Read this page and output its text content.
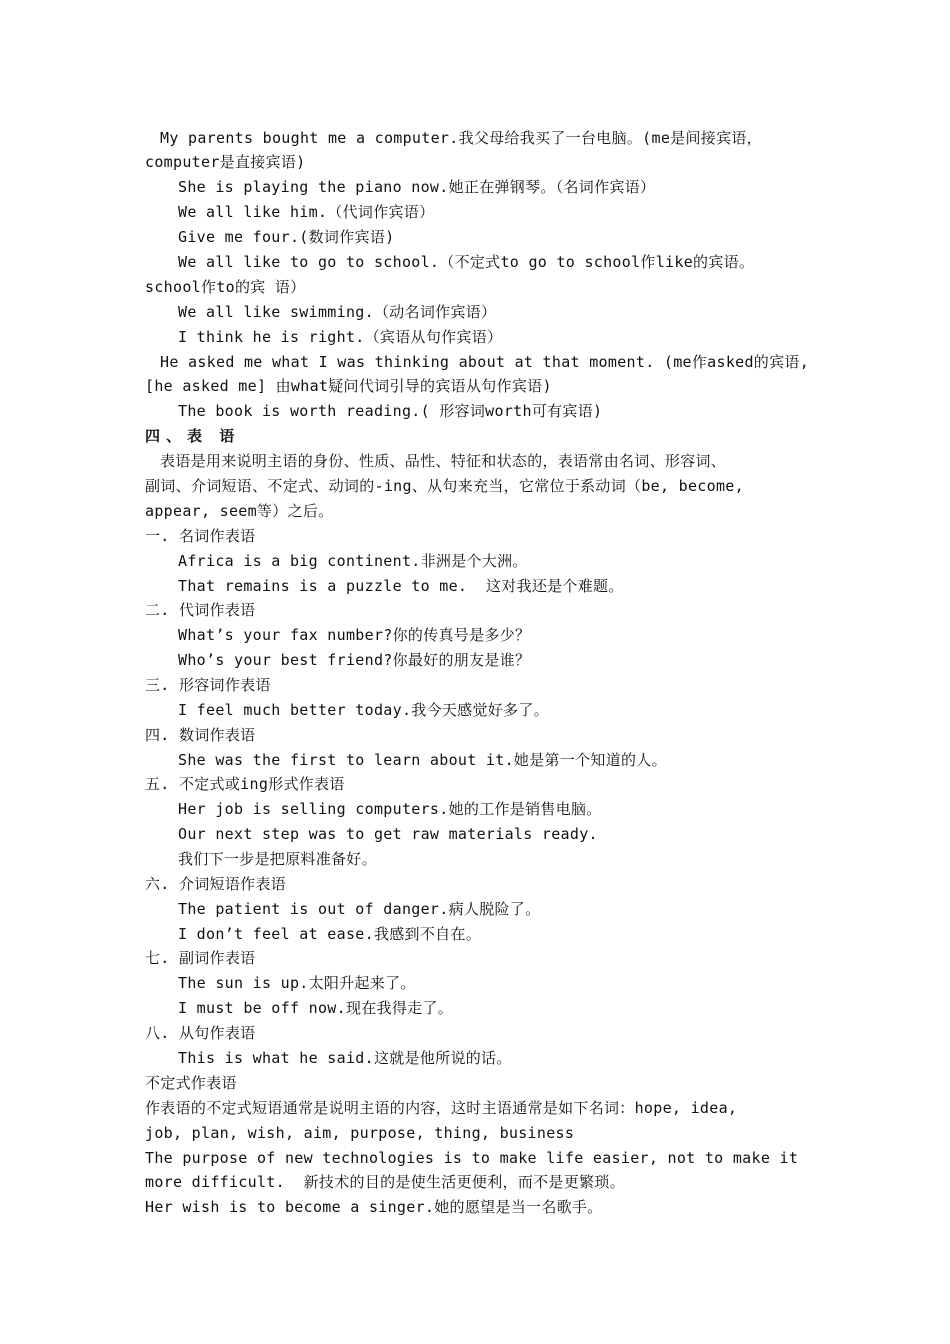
My parents bought me a computer.我父母给我买了一台电脑。(me是间接宾语，
computer是直接宾语)
She is playing the piano now.她正在弹钢琴。（名词作宾语）
We all like him.（代词作宾语）
Give me four.(数词作宾语)
We all like to go to school.（不定式to go to school作like的宾语。
school作to的宾 语）
We all like swimming.（动名词作宾语）
I think he is right.（宾语从句作宾语）
He asked me what I was thinking about at that moment. (me作asked的宾语,
[he asked me] 由what疑问代词引导的宾语从句作宾语)
The book is worth reading.( 形容词worth可有宾语)
四、表 语
表语是用来说明主语的身份、性质、品性、特征和状态的，表语常由名词、形容词、
副词、介词短语、不定式、动词的-ing、从句来充当，它常位于系动词（be, become,
appear, seem等）之后。
一. 名词作表语
Africa is a big continent.非洲是个大洲。
That remains is a puzzle to me.  这对我还是个难题。
二. 代词作表语
What’s your fax number?你的传真号是多少？
Who’s your best friend?你最好的朋友是谁？
三. 形容词作表语
I feel much better today.我今天感觉好多了。
四. 数词作表语
She was the first to learn about it.她是第一个知道的人。
五. 不定式或ing形式作表语
Her job is selling computers.她的工作是销售电脑。
Our next step was to get raw materials ready.
我们下一步是把原料准备好。
六. 介词短语作表语
The patient is out of danger.病人脱险了。
I don’t feel at ease.我感到不自在。
七. 副词作表语
The sun is up.太阳升起来了。
I must be off now.现在我得走了。
八. 从句作表语
This is what he said.这就是他所说的话。
不定式作表语
作表语的不定式短语通常是说明主语的内容，这时主语通常是如下名词：hope, idea,
job, plan, wish, aim, purpose, thing, business
The purpose of new technologies is to make life easier, not to make it
more difficult.  新技术的目的是使生活更便利，而不是更繁琐。
Her wish is to become a singer.她的愿望是当一名歌手。
